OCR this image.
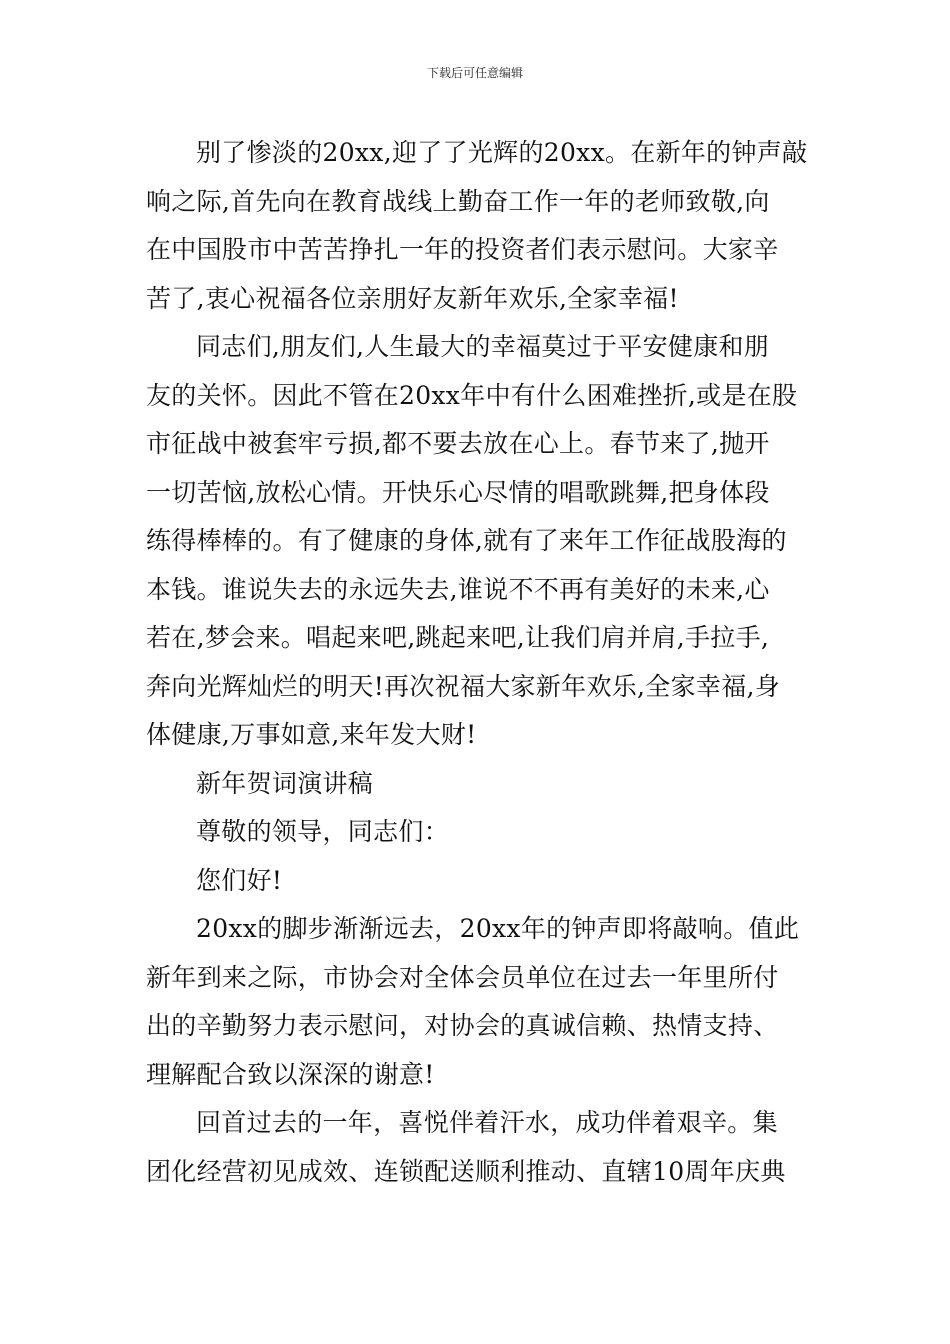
下载后可任意编辑
别了惨淡的20xx,迎了了光辉的20xx。在新年的钟声敲
响之际,首先向在教育战线上勤奋工作一年的老师致敬,向
在中国股市中苦苦挣扎一年的投资者们表示慰问。大家辛
苦了,衷心祝福各位亲朋好友新年欢乐,全家幸福!
同志们,朋友们,人生最大的幸福莫过于平安健康和朋
友的关怀。因此不管在20xx年中有什么困难挫折,或是在股
市征战中被套牢亏损,都不要去放在心上。春节来了,抛开
一切苦恼,放松心情。开快乐心尽情的唱歌跳舞,把身体段
练得棒棒的。有了健康的身体,就有了来年工作征战股海的
本钱。谁说失去的永远失去,谁说不不再有美好的未来,心
若在,梦会来。唱起来吧,跳起来吧,让我们肩并肩,手拉手,
奔向光辉灿烂的明天!再次祝福大家新年欢乐,全家幸福,身
体健康,万事如意,来年发大财!
新年贺词演讲稿
尊敬的领导，同志们：
您们好!
20xx的脚步渐渐远去，20xx年的钟声即将敲响。值此
新年到来之际，市协会对全体会员单位在过去一年里所付
出的辛勤努力表示慰问，对协会的真诚信赖、热情支持、
理解配合致以深深的谢意!
回首过去的一年，喜悦伴着汗水，成功伴着艰辛。集
团化经营初见成效、连锁配送顺利推动、直辖10周年庆典
